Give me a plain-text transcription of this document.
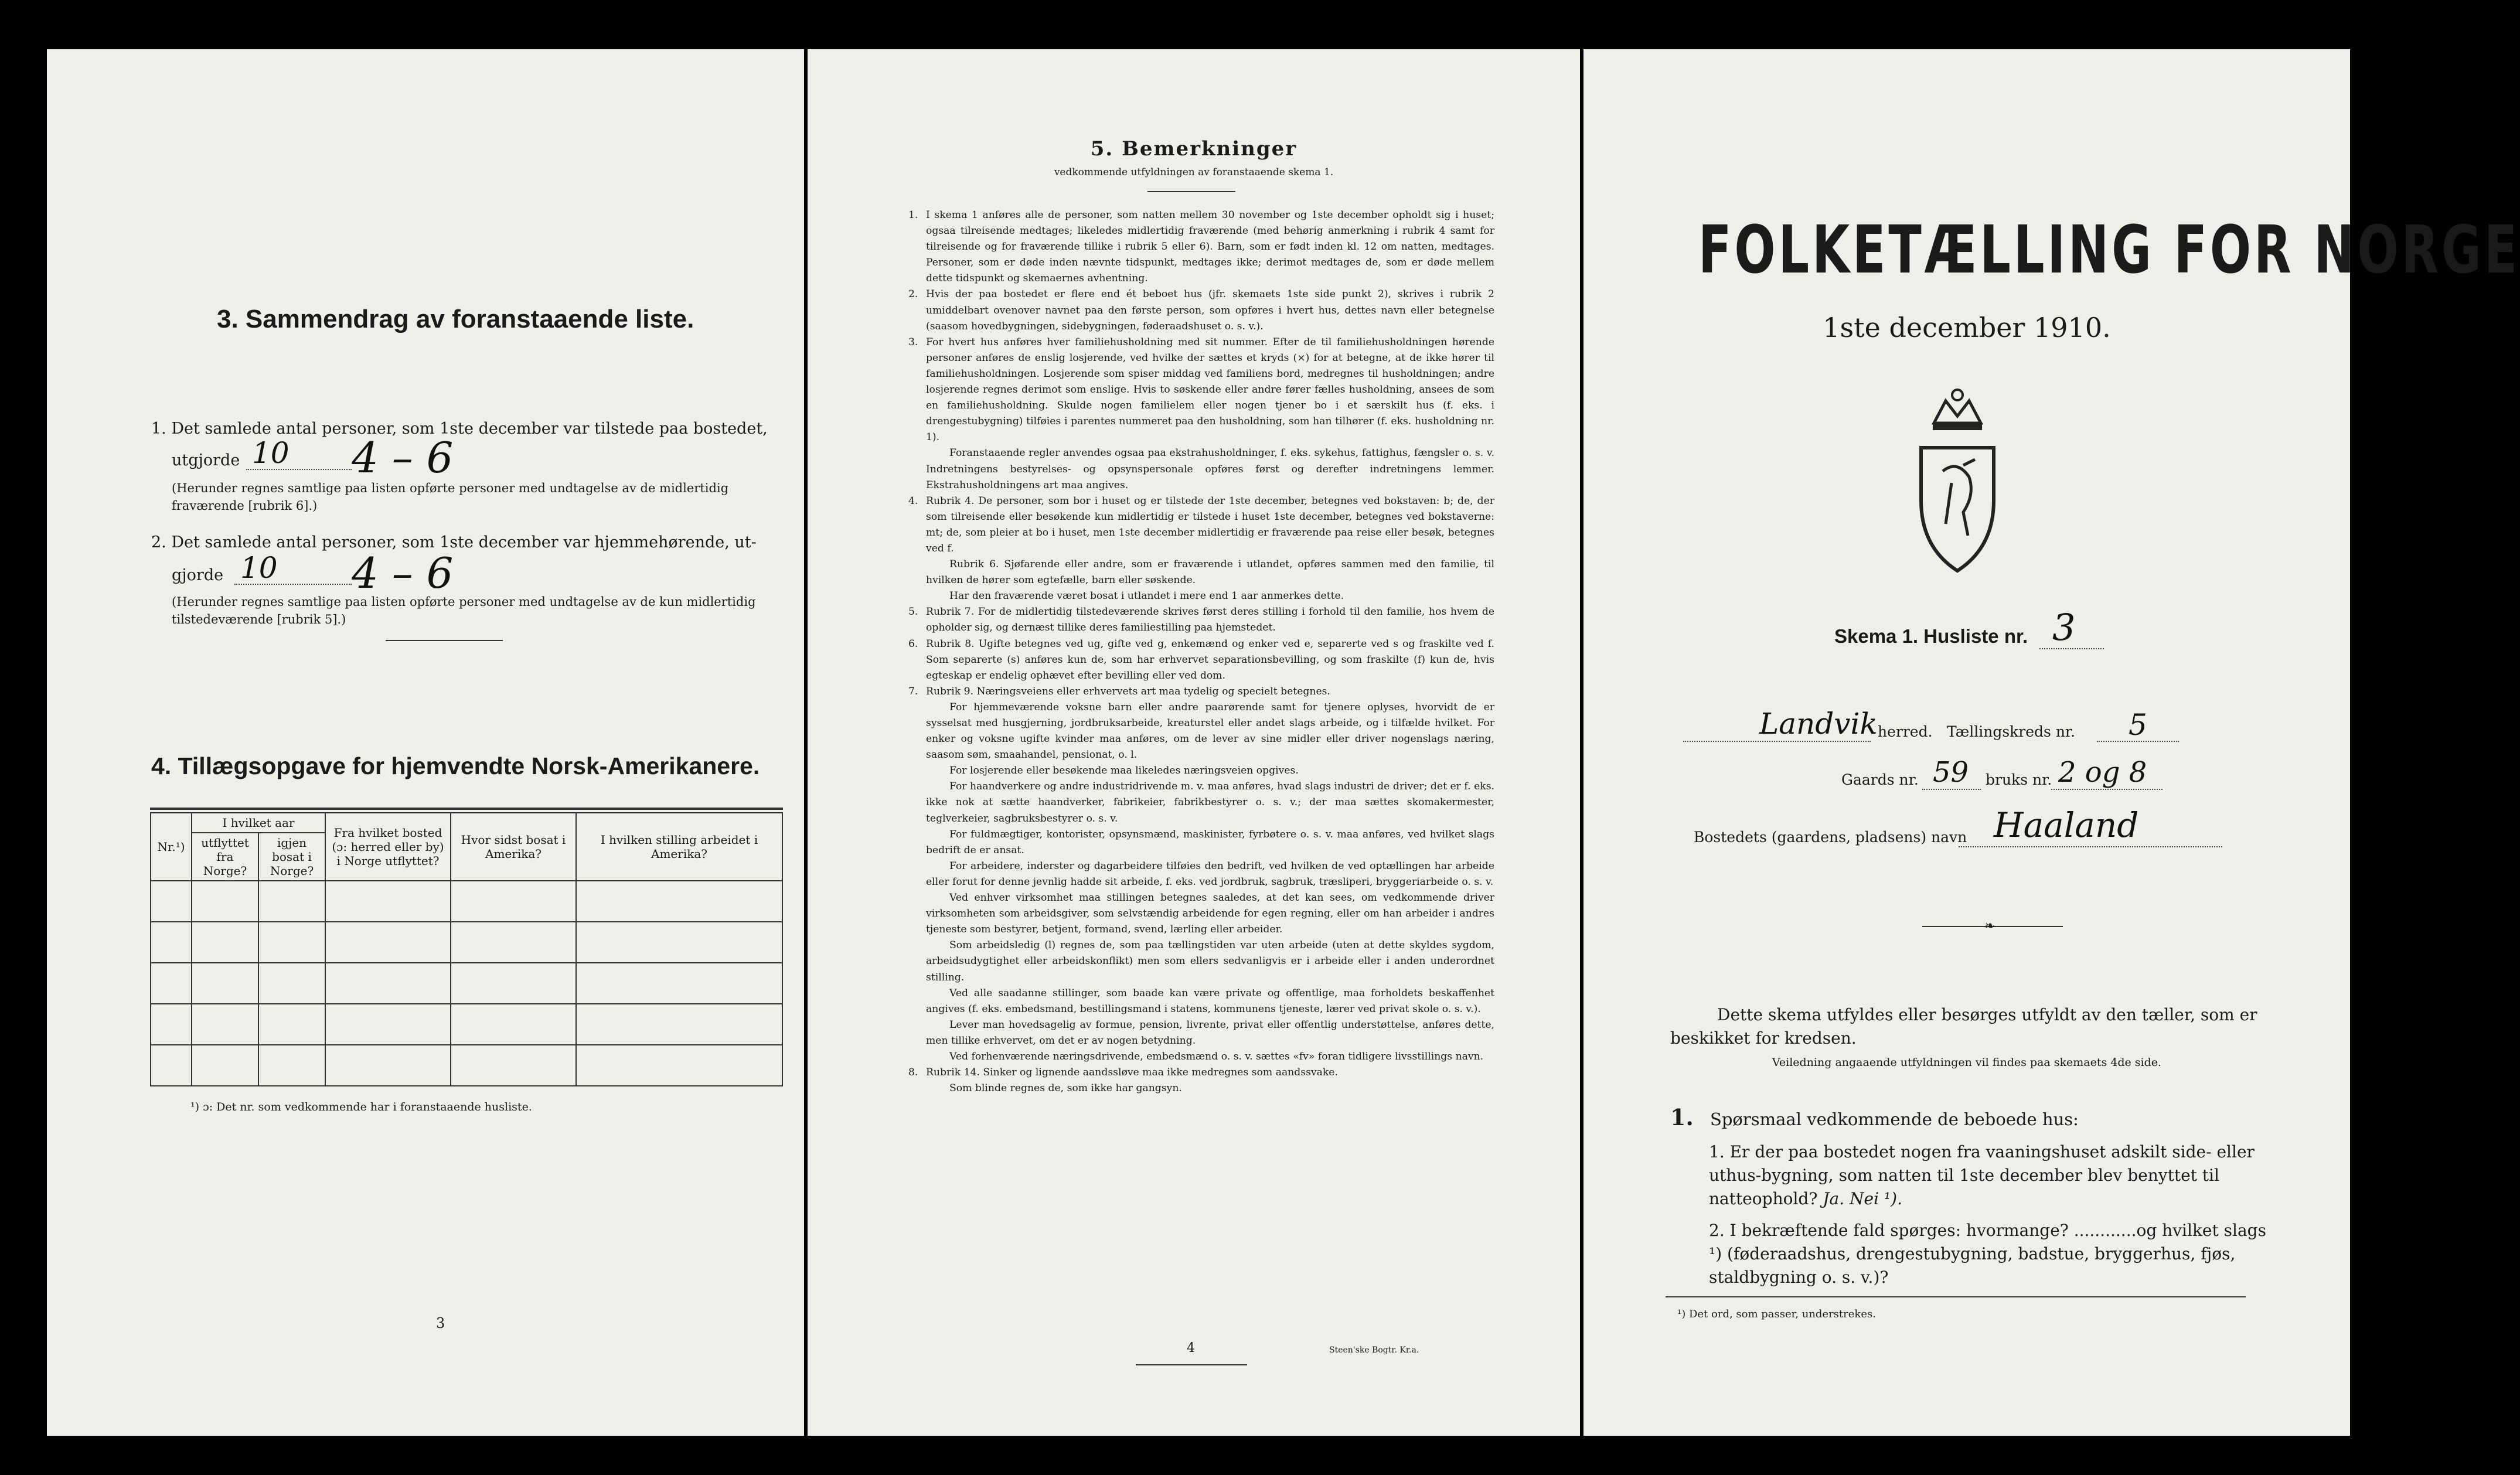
3. Sammendrag av foranstaaende liste.
1. Det samlede antal personer, som 1ste december var tilstede paa bostedet,
utgjorde 10 4 – 6
(Herunder regnes samtlige paa listen opførte personer med undtagelse av de midlertidig fraværende [rubrik 6].)
2. Det samlede antal personer, som 1ste december var hjemmehørende, ut-
gjorde 10 4 – 6
(Herunder regnes samtlige paa listen opførte personer med undtagelse av de kun midlertidig tilstedeværende [rubrik 5].)
4. Tillægsopgave for hjemvendte Norsk-Amerikanere.
Nr.¹)	I hvilket aar		Fra hvilket bosted (ɔ: herred eller by) i Norge utflyttet?	Hvor sidst bosat i Amerika?	I hvilken stilling arbeidet i Amerika?
	utflyttet fra Norge?	igjen bosat i Norge?			

¹) ɔ: Det nr. som vedkommende har i foranstaaende husliste.
3
5. Bemerkninger
vedkommende utfyldningen av foranstaaende skema 1.
1. I skema 1 anføres alle de personer, som natten mellem 30 november og 1ste december opholdt sig i huset; ogsaa tilreisende medtages; likeledes midlertidig fraværende (med behørig anmerkning i rubrik 4 samt for tilreisende og for fraværende tillike i rubrik 5 eller 6). Barn, som er født inden kl. 12 om natten, medtages. Personer, som er døde inden nævnte tidspunkt, medtages ikke; derimot medtages de, som er døde mellem dette tidspunkt og skemaernes avhentning.
2. Hvis der paa bostedet er flere end ét beboet hus (jfr. skemaets 1ste side punkt 2), skrives i rubrik 2 umiddelbart ovenover navnet paa den første person, som opføres i hvert hus, dettes navn eller betegnelse (saasom hovedbygningen, sidebygningen, føderaadshuset o. s. v.).
3. For hvert hus anføres hver familiehusholdning med sit nummer. Efter de til familiehusholdningen hørende personer anføres de enslig losjerende, ved hvilke der sættes et kryds (×) for at betegne, at de ikke hører til familiehusholdningen. Losjerende som spiser middag ved familiens bord, medregnes til husholdningen; andre losjerende regnes derimot som enslige. Hvis to søskende eller andre fører fælles husholdning, ansees de som en familiehusholdning. Skulde nogen familielem eller nogen tjener bo i et særskilt hus (f. eks. i drengestubygning) tilføies i parentes nummeret paa den husholdning, som han tilhører (f. eks. husholdning nr. 1).
Foranstaaende regler anvendes ogsaa paa ekstrahusholdninger, f. eks. sykehus, fattighus, fængsler o. s. v. Indretningens bestyrelses- og opsynspersonale opføres først og derefter indretningens lemmer. Ekstrahusholdningens art maa angives.
4. Rubrik 4. De personer, som bor i huset og er tilstede der 1ste december, betegnes ved bokstaven: b; de, der som tilreisende eller besøkende kun midlertidig er tilstede i huset 1ste december, betegnes ved bokstaverne: mt; de, som pleier at bo i huset, men 1ste december midlertidig er fraværende paa reise eller besøk, betegnes ved f.
Rubrik 6. Sjøfarende eller andre, som er fraværende i utlandet, opføres sammen med den familie, til hvilken de hører som egtefælle, barn eller søskende.
Har den fraværende været bosat i utlandet i mere end 1 aar anmerkes dette.
5. Rubrik 7. For de midlertidig tilstedeværende skrives først deres stilling i forhold til den familie, hos hvem de opholder sig, og dernæst tillike deres familiestilling paa hjemstedet.
6. Rubrik 8. Ugifte betegnes ved ug, gifte ved g, enkemænd og enker ved e, separerte ved s og fraskilte ved f. Som separerte (s) anføres kun de, som har erhvervet separationsbevilling, og som fraskilte (f) kun de, hvis egteskap er endelig ophævet efter bevilling eller ved dom.
7. Rubrik 9. Næringsveiens eller erhvervets art maa tydelig og specielt betegnes.
For hjemmeværende voksne barn eller andre paarørende samt for tjenere oplyses, hvorvidt de er sysselsat med husgjerning, jordbruksarbeide, kreaturstel eller andet slags arbeide, og i tilfælde hvilket. For enker og voksne ugifte kvinder maa anføres, om de lever av sine midler eller driver nogenslags næring, saasom søm, smaahandel, pensionat, o. l.
For losjerende eller besøkende maa likeledes næringsveien opgives.
For haandverkere og andre industridrivende m. v. maa anføres, hvad slags industri de driver; det er f. eks. ikke nok at sætte haandverker, fabrikeier, fabrikbestyrer o. s. v.; der maa sættes skomakermester, teglverkeier, sagbruksbestyrer o. s. v.
For fuldmægtiger, kontorister, opsynsmænd, maskinister, fyrbøtere o. s. v. maa anføres, ved hvilket slags bedrift de er ansat.
For arbeidere, inderster og dagarbeidere tilføies den bedrift, ved hvilken de ved optællingen har arbeide eller forut for denne jevnlig hadde sit arbeide, f. eks. ved jordbruk, sagbruk, træsliperi, bryggeriarbeide o. s. v.
Ved enhver virksomhet maa stillingen betegnes saaledes, at det kan sees, om vedkommende driver virksomheten som arbeidsgiver, som selvstændig arbeidende for egen regning, eller om han arbeider i andres tjeneste som bestyrer, betjent, formand, svend, lærling eller arbeider.
Som arbeidsledig (l) regnes de, som paa tællingstiden var uten arbeide (uten at dette skyldes sygdom, arbeidsudygtighet eller arbeidskonflikt) men som ellers sedvanligvis er i arbeide eller i anden underordnet stilling.
Ved alle saadanne stillinger, som baade kan være private og offentlige, maa forholdets beskaffenhet angives (f. eks. embedsmand, bestillingsmand i statens, kommunens tjeneste, lærer ved privat skole o. s. v.).
Lever man hovedsagelig av formue, pension, livrente, privat eller offentlig understøttelse, anføres dette, men tillike erhvervet, om det er av nogen betydning.
Ved forhenværende næringsdrivende, embedsmænd o. s. v. sættes «fv» foran tidligere livsstillings navn.
8. Rubrik 14. Sinker og lignende aandssløve maa ikke medregnes som aandssvake.
Som blinde regnes de, som ikke har gangsyn.
4	Steen'ske Bogtr. Kr.a.
FOLKETÆLLING FOR NORGE
1ste december 1910.
Skema 1. Husliste nr. 3
Landvik herred. Tællingskreds nr. 5
Gaards nr. 59 bruks nr. 2 og 8
Bostedets (gaardens, pladsens) navn Haaland
❧
Dette skema utfyldes eller besørges utfyldt av den tæller, som er beskikket for kredsen.
Veiledning angaaende utfyldningen vil findes paa skemaets 4de side.
1. Spørsmaal vedkommende de beboede hus:
1. Er der paa bostedet nogen fra vaaningshuset adskilt side- eller uthus-bygning, som natten til 1ste december blev benyttet til natteophold? Ja. Nei ¹).
2. I bekræftende fald spørges: hvormange? ............og hvilket slags ¹) (føderaadshus, drengestubygning, badstue, bryggerhus, fjøs, staldbygning o. s. v.)?
¹) Det ord, som passer, understrekes.
